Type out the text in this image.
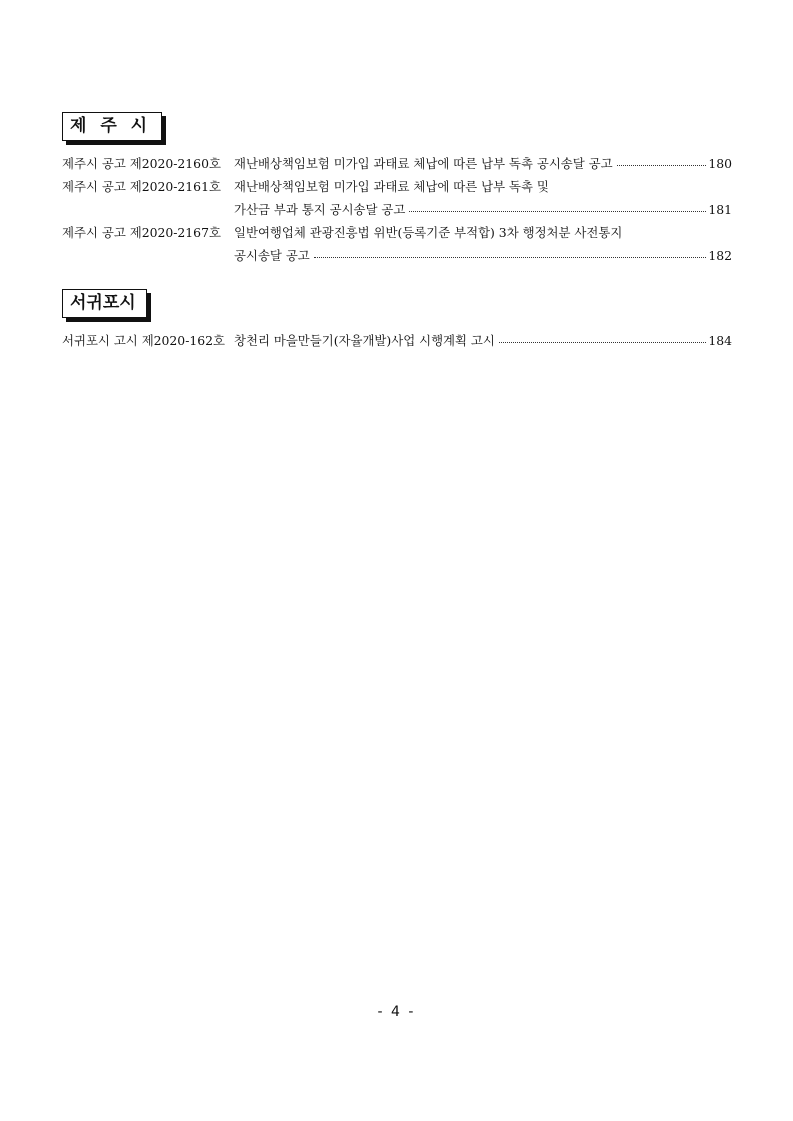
제 주 시
제주시 공고 제2020-2160호	재난배상책임보험 미가입 과태료 체납에 따른 납부 독촉 공시송달 공고	180
제주시 공고 제2020-2161호	재난배상책임보험 미가입 과태료 체납에 따른 납부 독촉 및
가산금 부과 통지 공시송달 공고	181
제주시 공고 제2020-2167호	일반여행업체 관광진흥법 위반(등록기준 부적합) 3차 행정처분 사전통지
공시송달 공고	182
서귀포시
서귀포시 고시 제2020-162호 창천리 마을만들기(자율개발)사업 시행계획 고시	184
- 4 -
